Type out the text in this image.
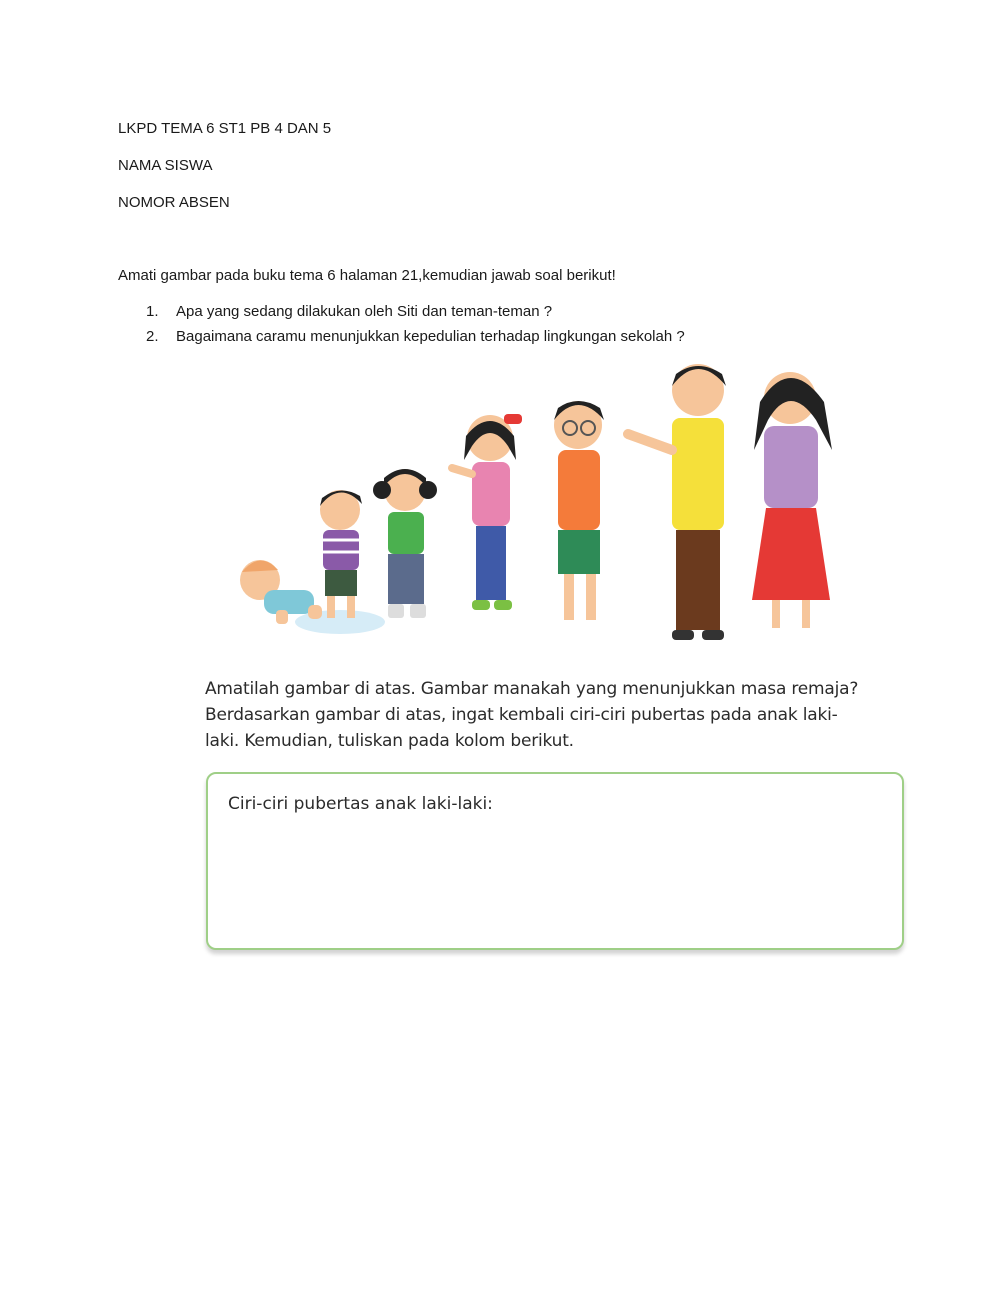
LKPD TEMA 6 ST1 PB 4 DAN 5
NAMA SISWA
NOMOR ABSEN
Amati gambar pada buku tema 6 halaman 21,kemudian jawab soal berikut!
1. Apa yang sedang dilakukan oleh Siti dan teman-teman ?
2. Bagaimana caramu menunjukkan kepedulian terhadap lingkungan sekolah ?
Amatilah gambar di atas. Gambar manakah yang menunjukkan masa remaja?
Berdasarkan gambar di atas, ingat kembali ciri-ciri pubertas pada anak laki-
laki. Kemudian, tuliskan pada kolom berikut.
Ciri-ciri pubertas anak laki-laki:
